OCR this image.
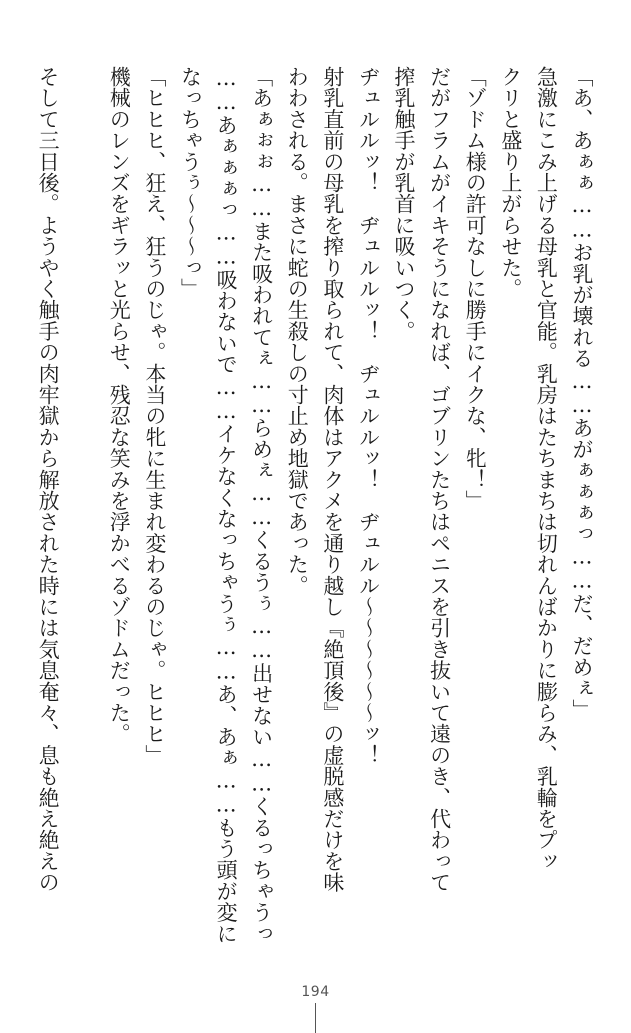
「あ、あぁぁ……お乳が壊れる……あがぁぁぁっ……だ、だめぇ」
急激にこみ上げる母乳と官能。乳房はたちまちは切れんばかりに膨らみ、乳輪をプッ
クリと盛り上がらせた。
「ゾドム様の許可なしに勝手にイクな、牝！」
だがフラムがイキそうになれば、ゴブリンたちはペニスを引き抜いて遠のき、代わって
搾乳触手が乳首に吸いつく。
ヂュルルッ！　ヂュルルッ！　ヂュルルッ！　ヂュルル～～～～～～ッ！
射乳直前の母乳を搾り取られて、肉体はアクメを通り越し『絶頂後』の虚脱感だけを味
わわされる。まさに蛇の生殺しの寸止め地獄であった。
「あぁぉぉ……また吸われてぇ……らめぇ……くるうぅ……出せない……くるっちゃうっ
……あぁぁぁっ……吸わないで……イケなくなっちゃうぅ……あ、あぁ……もう頭が変に
なっちゃうぅ～～～っ」
「ヒヒヒ、狂え、狂うのじゃ。本当の牝に生まれ変わるのじゃ。ヒヒヒ」
機械のレンズをギラッと光らせ、残忍な笑みを浮かべるゾドムだった。
そして三日後。ようやく触手の肉牢獄から解放された時には気息奄々、息も絶え絶えの
194
